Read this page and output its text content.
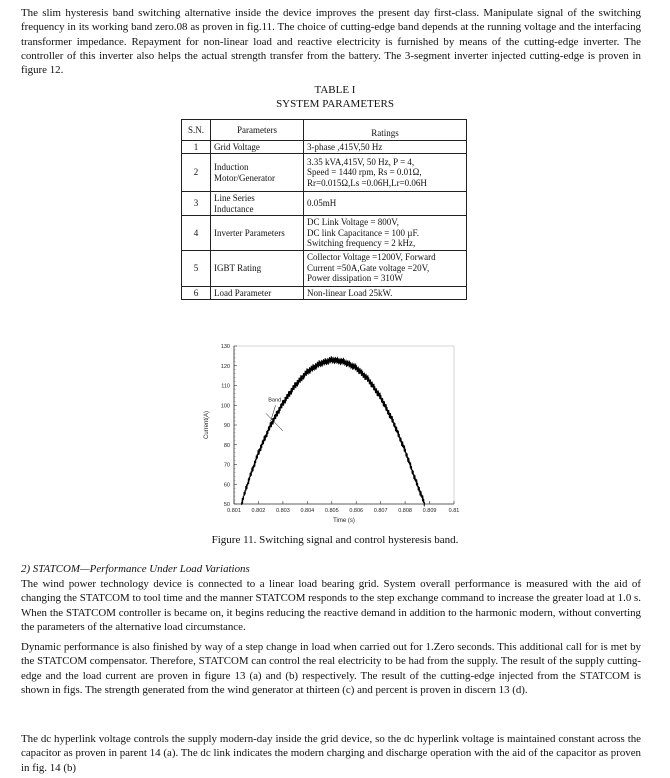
The slim hysteresis band switching alternative inside the device improves the present day first-class. Manipulate signal of the switching frequency in its working band zero.08 as proven in fig.11. The choice of cutting-edge band depends at the running voltage and the interfacing transformer impedance. Repayment for non-linear load and reactive electricity is furnished by means of the cutting-edge inverter. The controller of this inverter also helps the actual strength transfer from the battery. The 3-segment inverter injected cutting-edge is proven in figure 12.

TABLE I
SYSTEM PARAMETERS
S.N.	Parameters	Ratings
1	Grid Voltage	3-phase ,415V,50 Hz

2	Induction
Motor/Generator	3.35 kVA,415V, 50 Hz, P = 4,
Speed = 1440 rpm, Rs = 0.01Ω,
Rr=0.015Ω,Ls =0.06H,Lr=0.06H

3	Line Series
Inductance	0.05mH

4	Inverter Parameters	DC Link Voltage = 800V,
DC link Capacitance = 100 µF.
Switching frequency = 2 kHz,

5	IGBT Rating	Collector Voltage =1200V, Forward
Current =50A,Gate voltage =20V,
Power dissipation = 310W

6	Load Parameter	Non-linear Load 25kW.
50
60
70
80
90
100
110
120
130
0.801 0.802 0.803 0.804 0.805 0.806 0.807 0.808 0.809 0.81
Time (s)
Current(A)
Band
Figure 11. Switching signal and control hysteresis band.
2) STATCOM—Performance Under Load Variations

The wind power technology device is connected to a linear load bearing grid. System overall performance is measured with the aid of changing the STATCOM to tool time and the manner STATCOM responds to the step exchange command to increase the greater load at 1.0 s. When the STATCOM controller is became on, it begins reducing the reactive demand in addition to the harmonic modern, without converting the parameters of the alternative load circumstance.

Dynamic performance is also finished by way of a step change in load when carried out for 1.Zero seconds. This additional call for is met by the STATCOM compensator. Therefore, STATCOM can control the real electricity to be had from the supply. The result of the supply cutting-edge and the load current are proven in figure 13 (a) and (b) respectively. The result of the cutting-edge injected from the STATCOM is shown in figs. The strength generated from the wind generator at thirteen (c) and percent is proven in discern 13 (d).

The dc hyperlink voltage controls the supply modern-day inside the grid device, so the dc hyperlink voltage is maintained constant across the capacitor as proven in parent 14 (a). The dc link indicates the modern charging and discharge operation with the aid of the capacitor as proven in fig. 14 (b)
